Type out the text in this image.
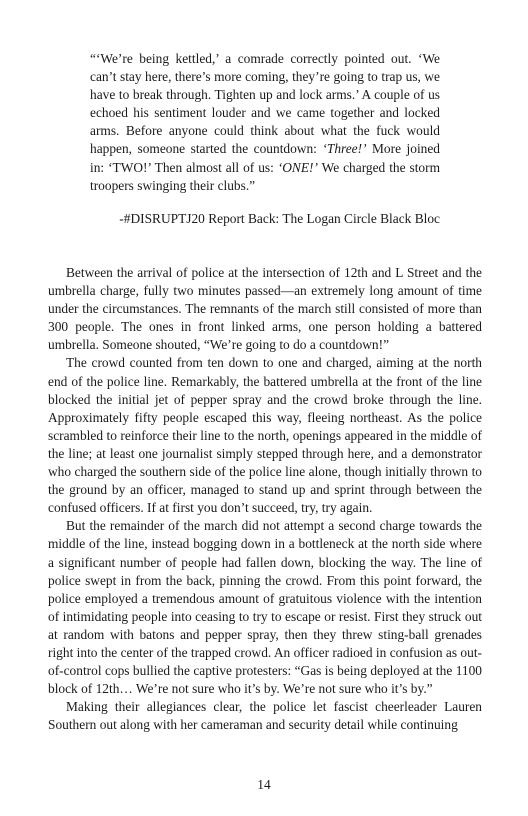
“‘We’re being kettled,’ a comrade correctly pointed out. ‘We can’t stay here, there’s more coming, they’re going to trap us, we have to break through. Tighten up and lock arms.’ A couple of us echoed his sentiment louder and we came together and locked arms. Before anyone could think about what the fuck would happen, someone started the countdown: ‘Three!’ More joined in: ‘TWO!’ Then almost all of us: ‘ONE!’ We charged the storm troopers swinging their clubs.”

-#DISRUPTJ20 Report Back: The Logan Circle Black Bloc

Between the arrival of police at the intersection of 12th and L Street and the umbrella charge, fully two minutes passed—an extremely long amount of time under the circumstances. The remnants of the march still consisted of more than 300 people. The ones in front linked arms, one person holding a battered umbrella. Someone shouted, “We’re going to do a countdown!”

The crowd counted from ten down to one and charged, aiming at the north end of the police line. Remarkably, the battered umbrella at the front of the line blocked the initial jet of pepper spray and the crowd broke through the line. Approximately fifty people escaped this way, fleeing northeast. As the police scrambled to reinforce their line to the north, openings appeared in the middle of the line; at least one journalist simply stepped through here, and a demonstrator who charged the southern side of the police line alone, though initially thrown to the ground by an officer, managed to stand up and sprint through between the confused officers. If at first you don’t succeed, try, try again.

But the remainder of the march did not attempt a second charge towards the middle of the line, instead bogging down in a bottleneck at the north side where a significant number of people had fallen down, blocking the way. The line of police swept in from the back, pinning the crowd. From this point forward, the police employed a tremendous amount of gratuitous violence with the intention of intimidating people into ceasing to try to escape or resist. First they struck out at random with batons and pepper spray, then they threw sting-ball grenades right into the center of the trapped crowd. An officer radioed in confusion as out-of-control cops bullied the captive protesters: “Gas is being deployed at the 1100 block of 12th… We’re not sure who it’s by. We’re not sure who it’s by.”

Making their allegiances clear, the police let fascist cheerleader Lauren Southern out along with her cameraman and security detail while continuing

14
